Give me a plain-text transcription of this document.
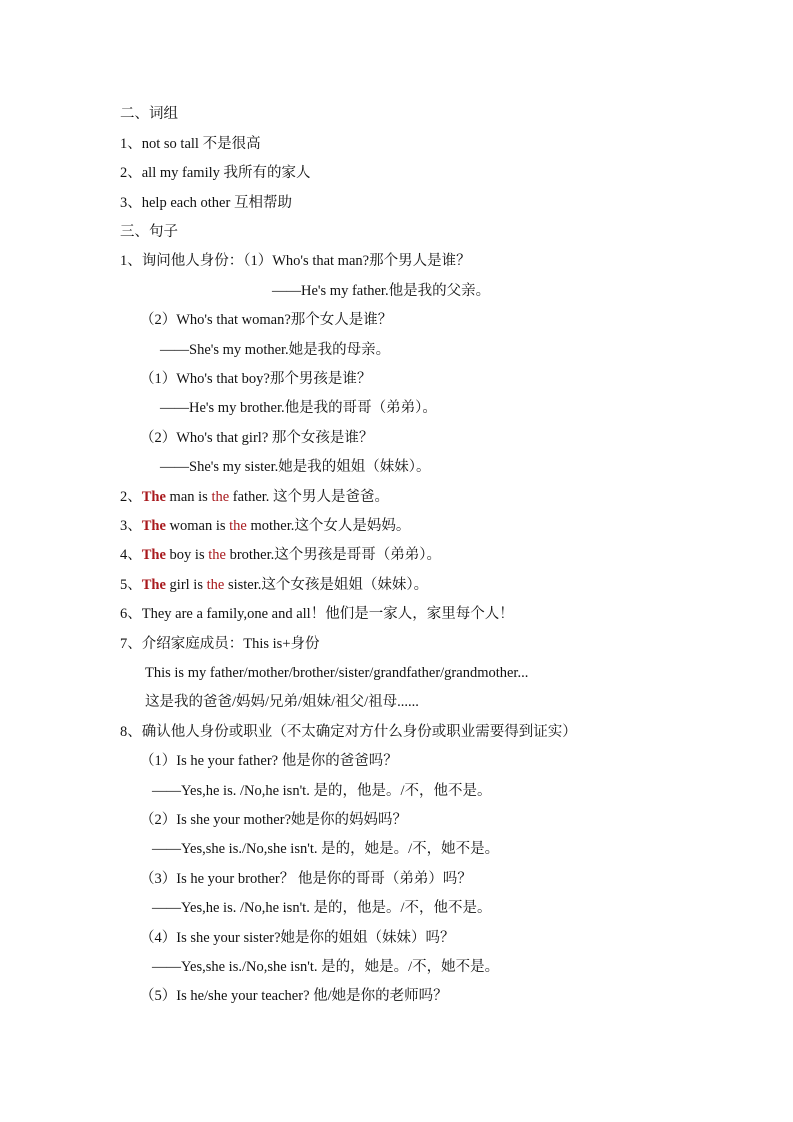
二、词组
1、not so tall 不是很高
2、all my family 我所有的家人
3、help each other 互相帮助
三、句子
1、询问他人身份：（1）Who's that man?那个男人是谁？
——He's my father.他是我的父亲。
（2）Who's that woman?那个女人是谁？
——She's my mother.她是我的母亲。
（1）Who's that boy?那个男孩是谁？
——He's my brother.他是我的哥哥（弟弟）。
（2）Who's that girl? 那个女孩是谁？
——She's my sister.她是我的姐姐（妹妹）。
2、The man is the father. 这个男人是爸爸。
3、The woman is the mother.这个女人是妈妈。
4、The boy is the brother.这个男孩是哥哥（弟弟）。
5、The girl is the sister.这个女孩是姐姐（妹妹）。
6、They are a family,one and all！他们是一家人，家里每个人！
7、介绍家庭成员：This is+身份
This is my father/mother/brother/sister/grandfather/grandmother...
这是我的爸爸/妈妈/兄弟/姐妹/祖父/祖母......
8、确认他人身份或职业（不太确定对方什么身份或职业需要得到证实）
（1）Is he your father? 他是你的爸爸吗？
——Yes,he is. /No,he isn't. 是的，他是。/不，他不是。
（2）Is she your mother?她是你的妈妈吗？
——Yes,she is./No,she isn't. 是的，她是。/不，她不是。
（3）Is he your brother？ 他是你的哥哥（弟弟）吗？
——Yes,he is. /No,he isn't. 是的，他是。/不，他不是。
（4）Is she your sister?她是你的姐姐（妹妹）吗？
——Yes,she is./No,she isn't. 是的，她是。/不，她不是。
（5）Is he/she your teacher? 他/她是你的老师吗？
